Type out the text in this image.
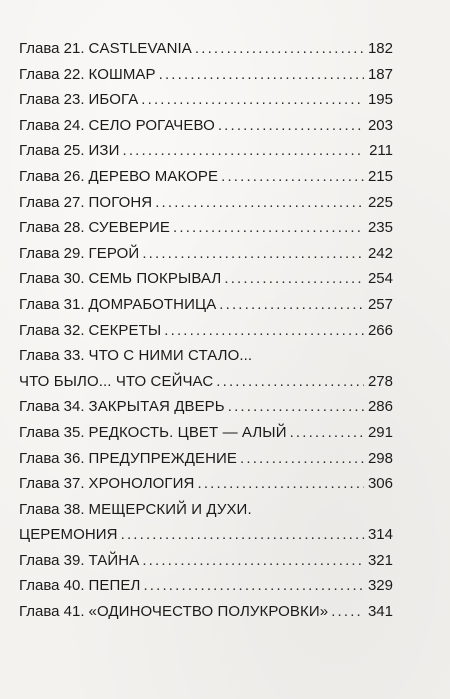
Глава 21. CASTLEVANIA . . .	182
Глава 22. КОШМАР . . .	187
Глава 23. ИБОГА . . .	195
Глава 24. СЕЛО РОГАЧЕВО . . .	203
Глава 25. ИЗИ . . .	211
Глава 26. ДЕРЕВО МАКОРЕ . . .	215
Глава 27. ПОГОНЯ . . .	225
Глава 28. СУЕВЕРИЕ . . .	235
Глава 29. ГЕРОЙ . . .	242
Глава 30. СЕМЬ ПОКРЫВАЛ . . .	254
Глава 31. ДОМРАБОТНИЦА . . .	257
Глава 32. СЕКРЕТЫ . . .	266
Глава 33. ЧТО С НИМИ СТАЛО...
ЧТО БЫЛО... ЧТО СЕЙЧАС . . .	278
Глава 34. ЗАКРЫТАЯ ДВЕРЬ . . .	286
Глава 35. РЕДКОСТЬ. ЦВЕТ — АЛЫЙ . . .	291
Глава 36. ПРЕДУПРЕЖДЕНИЕ . . .	298
Глава 37. ХРОНОЛОГИЯ . . .	306
Глава 38. МЕЩЕРСКИЙ И ДУХИ.
ЦЕРЕМОНИЯ . . .	314
Глава 39. ТАЙНА . . .	321
Глава 40. ПЕПЕЛ . . .	329
Глава 41. «ОДИНОЧЕСТВО ПОЛУКРОВКИ» . . .	341
